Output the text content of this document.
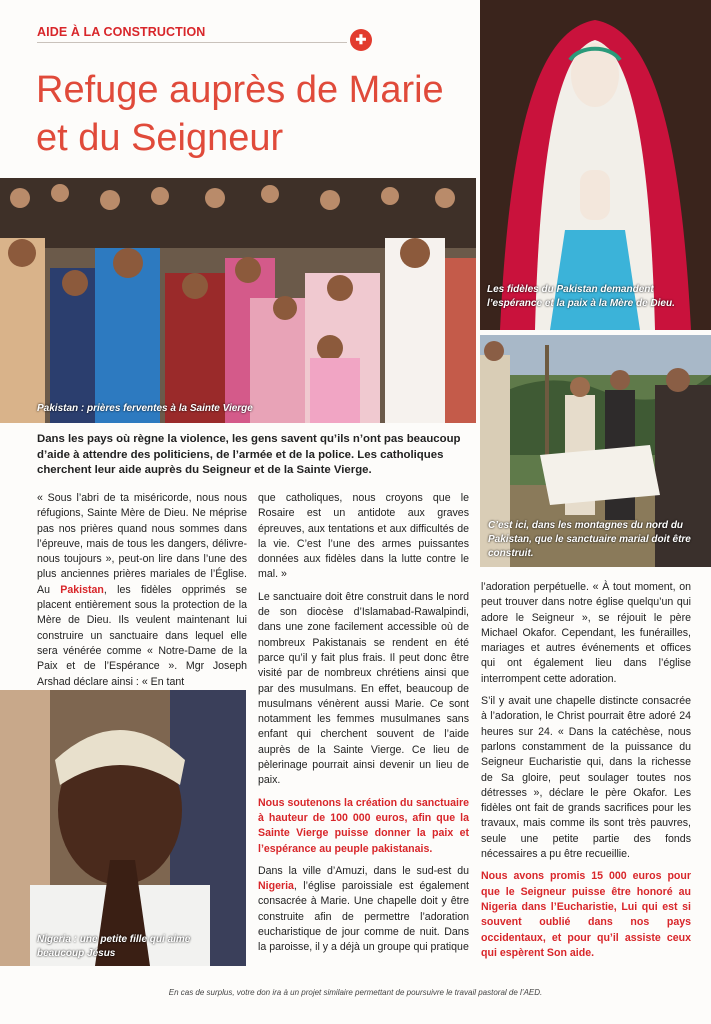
AIDE À LA CONSTRUCTION	✚
Refuge auprès de Marie et du Seigneur
Pakistan : prières ferventes à la Sainte Vierge
Les fidèles du Pakistan demandent l’espérance et la paix à la Mère de Dieu.
C’est ici, dans les montagnes du nord du Pakistan, que le sanctuaire marial doit être construit.
Nigeria : une petite fille qui aime beaucoup Jésus
Dans les pays où règne la violence, les gens savent qu’ils n’ont pas beaucoup d’aide à attendre des politiciens, de l’armée et de la police. Les catholiques cherchent leur aide auprès du Seigneur et de la Sainte Vierge.

« Sous l’abri de ta miséricorde, nous nous réfugions, Sainte Mère de Dieu. Ne méprise pas nos prières quand nous sommes dans l’épreuve, mais de tous les dangers, délivre-nous toujours », peut-on lire dans l’une des plus anciennes prières mariales de l’Église. Au Pakistan, les fidèles opprimés se placent entièrement sous la protection de la Mère de Dieu. Ils veulent maintenant lui construire un sanctuaire dans lequel elle sera vénérée comme « Notre-Dame de la Paix et de l’Espérance ». Mgr Joseph Arshad déclare ainsi : « En tant

que catholiques, nous croyons que le Rosaire est un antidote aux graves épreuves, aux tentations et aux difficultés de la vie. C’est l’une des armes puissantes données aux fidèles dans la lutte contre le mal. »

Le sanctuaire doit être construit dans le nord de son diocèse d’Islamabad-Rawalpindi, dans une zone facilement accessible où de nombreux Pakistanais se rendent en été parce qu’il y fait plus frais. Il peut donc être visité par de nombreux chrétiens ainsi que par des musulmans. En effet, beaucoup de musulmans vénèrent aussi Marie. Ce sont notamment les femmes musulmanes sans enfant qui cherchent souvent de l’aide auprès de la Sainte Vierge. Ce lieu de pèlerinage pourrait ainsi devenir un lieu de paix.

Nous soutenons la création du sanctuaire à hauteur de 100 000 euros, afin que la Sainte Vierge puisse donner la paix et l’espérance au peuple pakistanais.

Dans la ville d’Amuzi, dans le sud-est du Nigeria, l’église paroissiale est également consacrée à Marie. Une chapelle doit y être construite afin de permettre l’adoration eucharistique de jour comme de nuit. Dans la paroisse, il y a déjà un groupe qui pratique

l’adoration perpétuelle. « À tout moment, on peut trouver dans notre église quelqu’un qui adore le Seigneur », se réjouit le père Michael Okafor. Cependant, les funérailles, mariages et autres événements et offices qui ont également lieu dans l’église interrompent cette adoration.

S’il y avait une chapelle distincte consacrée à l’adoration, le Christ pourrait être adoré 24 heures sur 24. « Dans la catéchèse, nous parlons constamment de la puissance du Seigneur Eucharistie qui, dans la richesse de Sa gloire, peut soulager toutes nos détresses », déclare le père Okafor. Les fidèles ont fait de grands sacrifices pour les travaux, mais comme ils sont très pauvres, seule une petite partie des fonds nécessaires a pu être recueillie.

Nous avons promis 15 000 euros pour que le Seigneur puisse être honoré au Nigeria dans l’Eucharistie, Lui qui est si souvent oublié dans nos pays occidentaux, et pour qu’il assiste ceux qui espèrent Son aide.

En cas de surplus, votre don ira à un projet similaire permettant de poursuivre le travail pastoral de l’AED.
